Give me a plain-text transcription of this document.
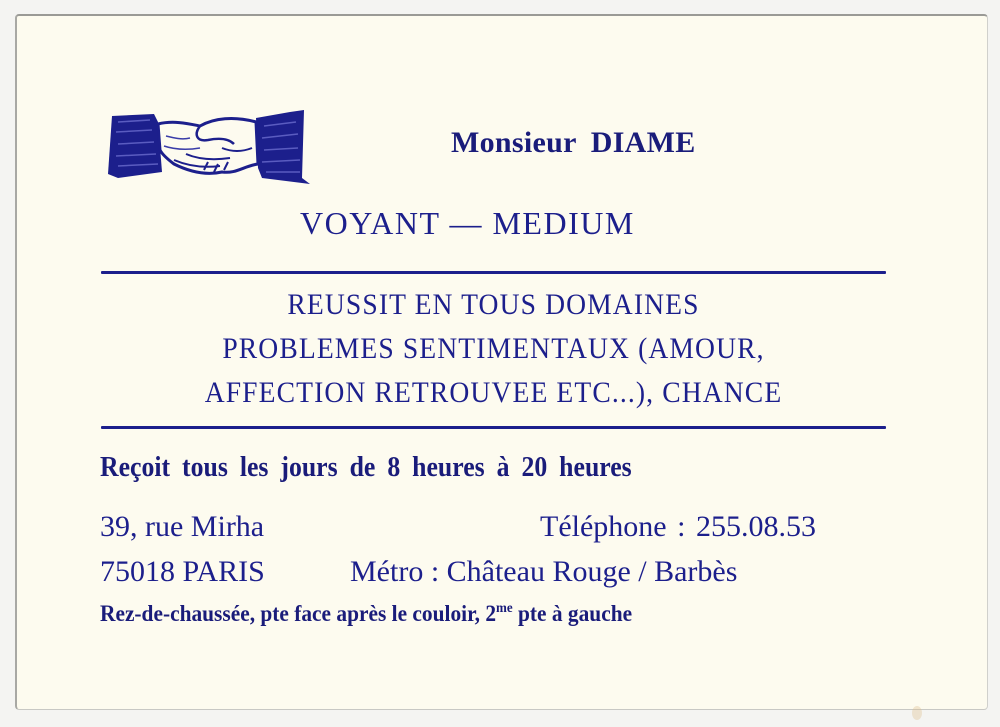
Monsieur DIAME
VOYANT — MEDIUM
REUSSIT EN TOUS DOMAINES
PROBLEMES SENTIMENTAUX (AMOUR,
AFFECTION RETROUVEE ETC...), CHANCE
Reçoit tous les jours de 8 heures à 20 heures
39, rue Mirha	Téléphone : 255.08.53
75018 PARIS	Métro : Château Rouge / Barbès
Rez-de-chaussée, pte face après le couloir, $2^{me}$ pte à gauche
